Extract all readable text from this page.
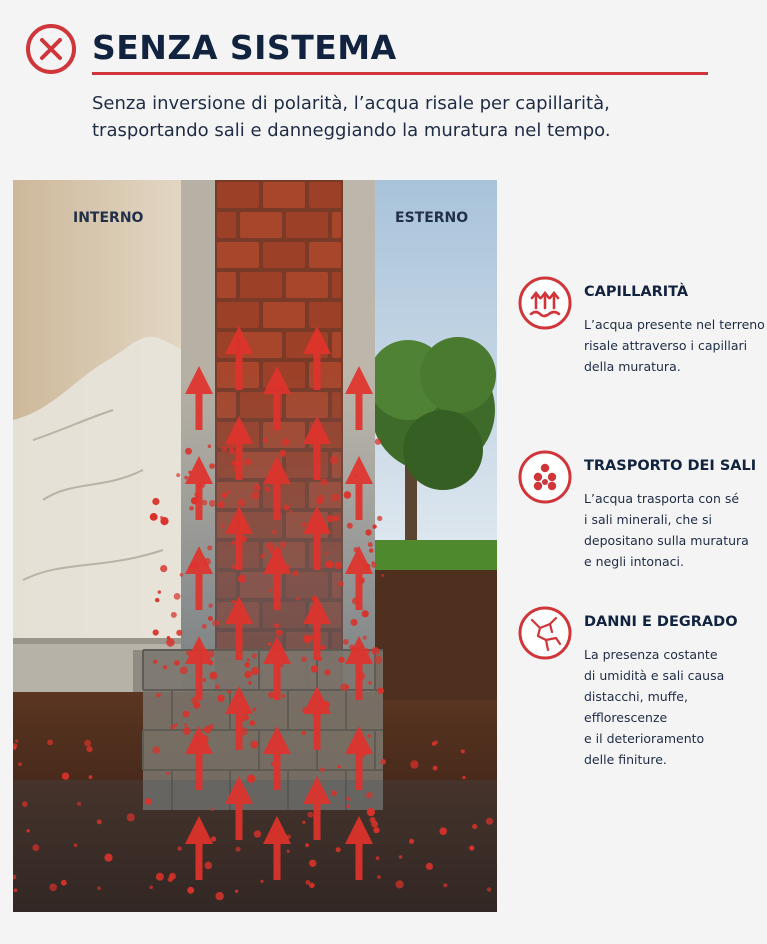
SENZA SISTEMA
Senza inversione di polarità, l’acqua risale per capillarità, trasportando sali e danneggiando la muratura nel tempo.
INTERNO	ESTERNO
CAPILLARITÀ
L’acqua presente nel terreno
risale attraverso i capillari
della muratura.
TRASPORTO DEI SALI
L’acqua trasporta con sé
i sali minerali, che si
depositano sulla muratura
e negli intonaci.
DANNI E DEGRADO
La presenza costante
di umidità e sali causa
distacchi, muffe, efflorescenze
e il deterioramento
delle finiture.
